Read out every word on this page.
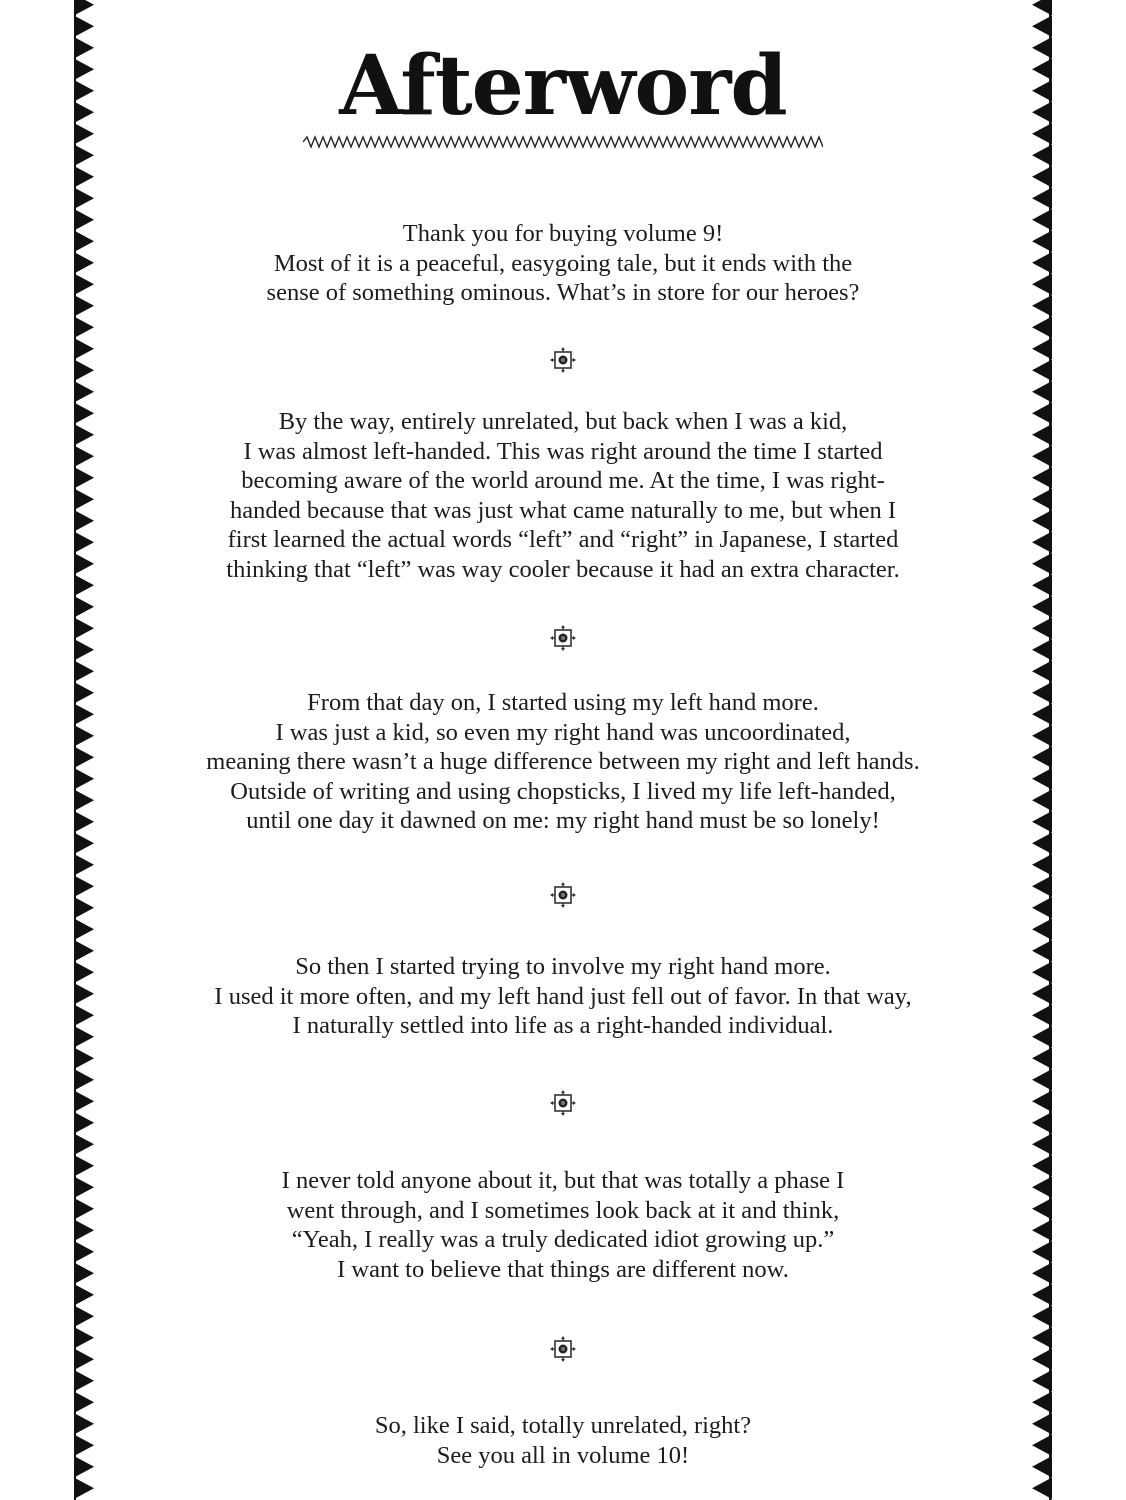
Afterword
Thank you for buying volume 9!
Most of it is a peaceful, easygoing tale, but it ends with the
sense of something ominous. What’s in store for our heroes?
By the way, entirely unrelated, but back when I was a kid,
I was almost left-handed. This was right around the time I started
becoming aware of the world around me. At the time, I was right-
handed because that was just what came naturally to me, but when I
first learned the actual words “left” and “right” in Japanese, I started
thinking that “left” was way cooler because it had an extra character.
From that day on, I started using my left hand more.
I was just a kid, so even my right hand was uncoordinated,
meaning there wasn’t a huge difference between my right and left hands.
Outside of writing and using chopsticks, I lived my life left-handed,
until one day it dawned on me: my right hand must be so lonely!
So then I started trying to involve my right hand more.
I used it more often, and my left hand just fell out of favor. In that way,
I naturally settled into life as a right-handed individual.
I never told anyone about it, but that was totally a phase I
went through, and I sometimes look back at it and think,
“Yeah, I really was a truly dedicated idiot growing up.”
I want to believe that things are different now.
So, like I said, totally unrelated, right?
See you all in volume 10!
